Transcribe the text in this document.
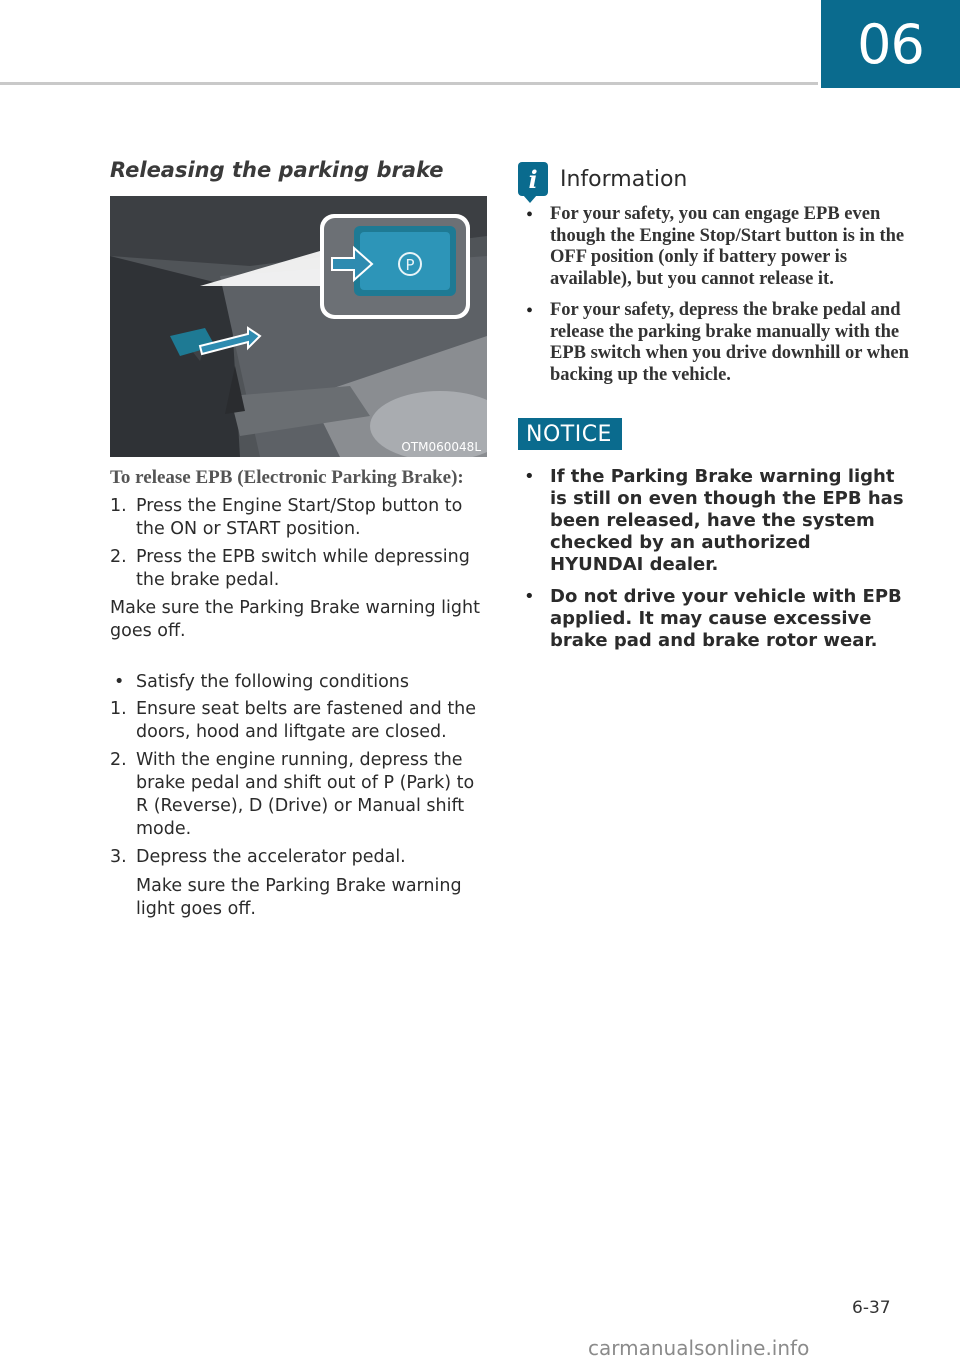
06
Releasing the parking brake
P
OTM060048L
To release EPB (Electronic Parking Brake):
1. Press the Engine Start/Stop button to the ON or START position.
2. Press the EPB switch while depressing the brake pedal.
Make sure the Parking Brake warning light goes off.
• Satisfy the following conditions
1. Ensure seat belts are fastened and the doors, hood and liftgate are closed.
2. With the engine running, depress the brake pedal and shift out of P (Park) to R (Reverse), D (Drive) or Manual shift mode.
3. Depress the accelerator pedal.
Make sure the Parking Brake warning light goes off.
i Information
• For your safety, you can engage EPB even though the Engine Stop/Start button is in the OFF position (only if battery power is available), but you cannot release it.
• For your safety, depress the brake pedal and release the parking brake manually with the EPB switch when you drive downhill or when backing up the vehicle.
NOTICE
• If the Parking Brake warning light is still on even though the EPB has been released, have the system checked by an authorized HYUNDAI dealer.
• Do not drive your vehicle with EPB applied. It may cause excessive brake pad and brake rotor wear.
6-37
carmanualsonline.info
